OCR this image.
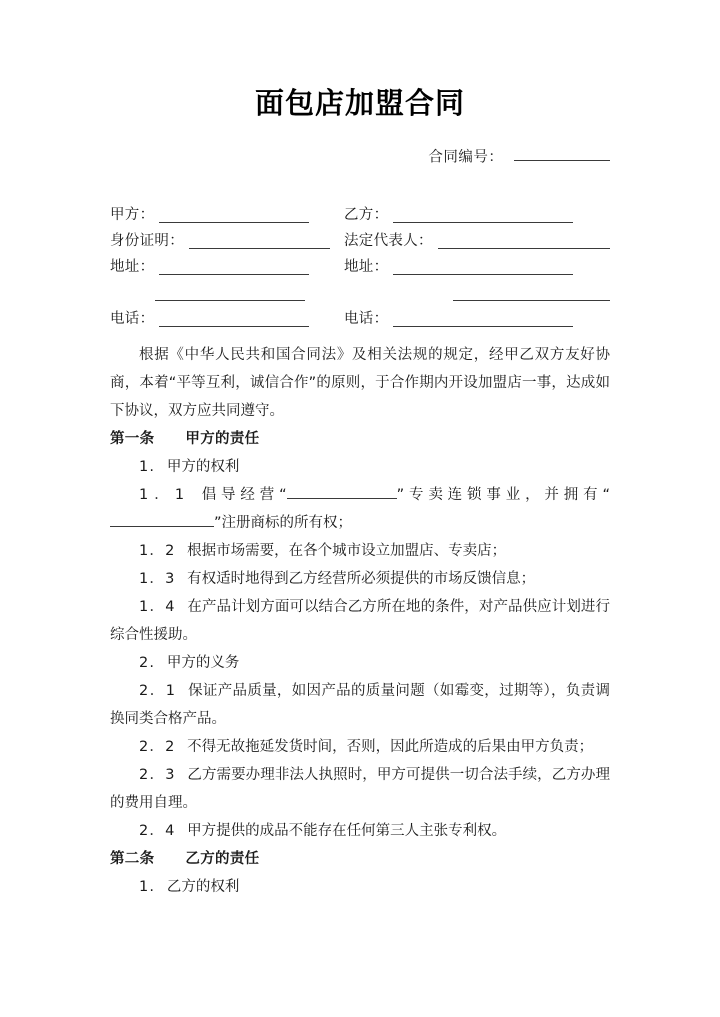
面包店加盟合同
合同编号：
甲方：	乙方：
身份证明：	法定代表人：
地址：	地址：
电话：	电话：

根据《中华人民共和国合同法》及相关法规的规定，经甲乙双方友好协商，本着“平等互利，诚信合作”的原则，于合作期内开设加盟店一事，达成如下协议，双方应共同遵守。

第一条 甲方的责任

1. 甲方的权利

1．1 倡导经营“	”专卖连锁事业，并拥有“”注册商标的所有权；

1．2 根据市场需要，在各个城市设立加盟店、专卖店；

1．3 有权适时地得到乙方经营所必须提供的市场反馈信息；

1．4 在产品计划方面可以结合乙方所在地的条件，对产品供应计划进行综合性援助。

2. 甲方的义务

2．1 保证产品质量，如因产品的质量问题（如霉变，过期等），负责调换同类合格产品。

2．2 不得无故拖延发货时间，否则，因此所造成的后果由甲方负责；

2．3 乙方需要办理非法人执照时，甲方可提供一切合法手续，乙方办理的费用自理。

2．4 甲方提供的成品不能存在任何第三人主张专利权。

第二条 乙方的责任

1. 乙方的权利
